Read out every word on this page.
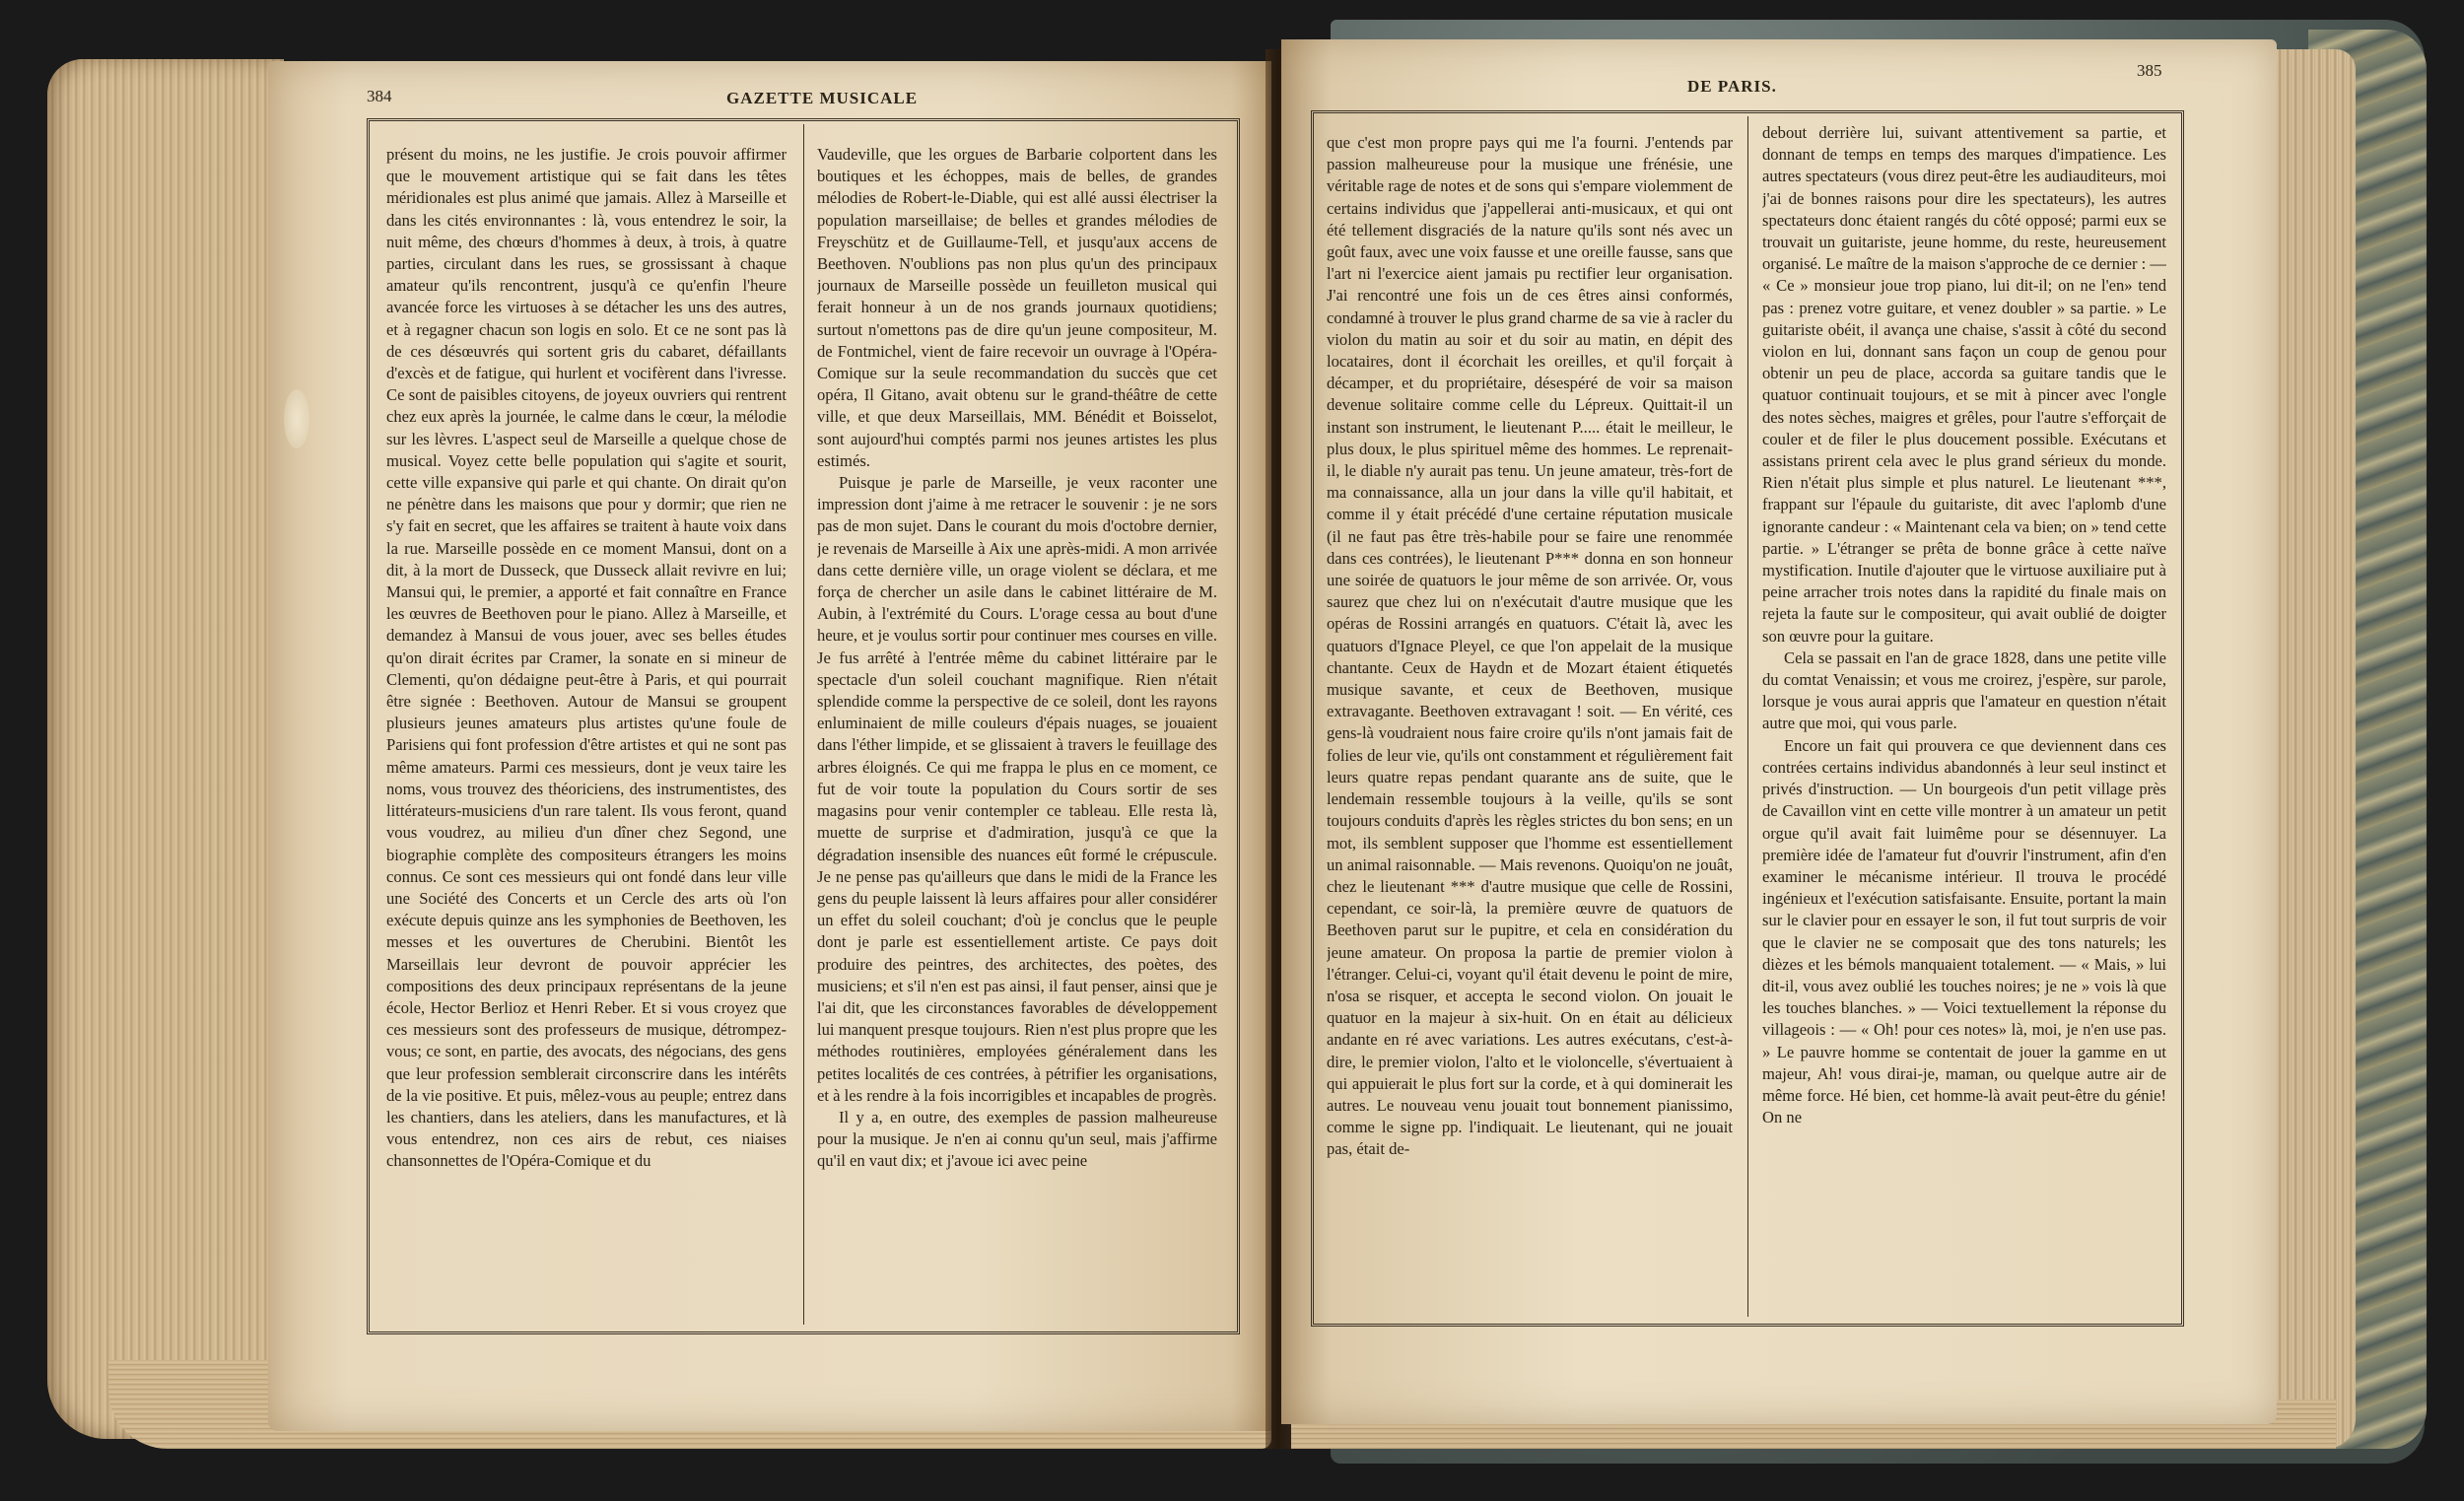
384	GAZETTE MUSICALE

présent du moins, ne les justifie. Je crois pouvoir affirmer que le mouvement artistique qui se fait dans les têtes méridionales est plus animé que jamais. Allez à Marseille et dans les cités environnantes : là, vous entendrez le soir, la nuit même, des chœurs d'hommes à deux, à trois, à quatre parties, circulant dans les rues, se grossissant à chaque amateur qu'ils rencontrent, jusqu'à ce qu'enfin l'heure avancée force les virtuoses à se détacher les uns des autres, et à regagner chacun son logis en solo. Et ce ne sont pas là de ces désœuvrés qui sortent gris du cabaret, défaillants d'excès et de fatigue, qui hurlent et vocifèrent dans l'ivresse. Ce sont de paisibles citoyens, de joyeux ouvriers qui rentrent chez eux après la journée, le calme dans le cœur, la mélodie sur les lèvres. L'aspect seul de Marseille a quelque chose de musical. Voyez cette belle population qui s'agite et sourit, cette ville expansive qui parle et qui chante. On dirait qu'on ne pénètre dans les maisons que pour y dormir; que rien ne s'y fait en secret, que les affaires se traitent à haute voix dans la rue. Marseille possède en ce moment Mansui, dont on a dit, à la mort de Dusseck, que Dusseck allait revivre en lui; Mansui qui, le premier, a apporté et fait connaître en France les œuvres de Beethoven pour le piano. Allez à Marseille, et demandez à Mansui de vous jouer, avec ses belles études qu'on dirait écrites par Cramer, la sonate en si mineur de Clementi, qu'on dédaigne peut-être à Paris, et qui pourrait être signée : Beethoven. Autour de Mansui se groupent plusieurs jeunes amateurs plus artistes qu'une foule de Parisiens qui font profession d'être artistes et qui ne sont pas même amateurs. Parmi ces messieurs, dont je veux taire les noms, vous trouvez des théoriciens, des instrumentistes, des littérateurs-musiciens d'un rare talent. Ils vous feront, quand vous voudrez, au milieu d'un dîner chez Segond, une biographie complète des compositeurs étrangers les moins connus. Ce sont ces messieurs qui ont fondé dans leur ville une Société des Concerts et un Cercle des arts où l'on exécute depuis quinze ans les symphonies de Beethoven, les messes et les ouvertures de Cherubini. Bientôt les Marseillais leur devront de pouvoir apprécier les compositions des deux principaux représentans de la jeune école, Hector Berlioz et Henri Reber. Et si vous croyez que ces messieurs sont des professeurs de musique, détrompez-vous; ce sont, en partie, des avocats, des négocians, des gens que leur profession semblerait circonscrire dans les intérêts de la vie positive. Et puis, mêlez-vous au peuple; entrez dans les chantiers, dans les ateliers, dans les manufactures, et là vous entendrez, non ces airs de rebut, ces niaises chansonnettes de l'Opéra-Comique et du

Vaudeville, que les orgues de Barbarie colportent dans les boutiques et les échoppes, mais de belles, de grandes mélodies de Robert-le-Diable, qui est allé aussi électriser la population marseillaise; de belles et grandes mélodies de Freyschütz et de Guillaume-Tell, et jusqu'aux accens de Beethoven. N'oublions pas non plus qu'un des principaux journaux de Marseille possède un feuilleton musical qui ferait honneur à un de nos grands journaux quotidiens; surtout n'omettons pas de dire qu'un jeune compositeur, M. de Fontmichel, vient de faire recevoir un ouvrage à l'Opéra-Comique sur la seule recommandation du succès que cet opéra, Il Gitano, avait obtenu sur le grand-théâtre de cette ville, et que deux Marseillais, MM. Bénédit et Boisselot, sont aujourd'hui comptés parmi nos jeunes artistes les plus estimés.

Puisque je parle de Marseille, je veux raconter une impression dont j'aime à me retracer le souvenir : je ne sors pas de mon sujet. Dans le courant du mois d'octobre dernier, je revenais de Marseille à Aix une après-midi. A mon arrivée dans cette dernière ville, un orage violent se déclara, et me força de chercher un asile dans le cabinet littéraire de M. Aubin, à l'extrémité du Cours. L'orage cessa au bout d'une heure, et je voulus sortir pour continuer mes courses en ville. Je fus arrêté à l'entrée même du cabinet littéraire par le spectacle d'un soleil couchant magnifique. Rien n'était splendide comme la perspective de ce soleil, dont les rayons enluminaient de mille couleurs d'épais nuages, se jouaient dans l'éther limpide, et se glissaient à travers le feuillage des arbres éloignés. Ce qui me frappa le plus en ce moment, ce fut de voir toute la population du Cours sortir de ses magasins pour venir contempler ce tableau. Elle resta là, muette de surprise et d'admiration, jusqu'à ce que la dégradation insensible des nuances eût formé le crépuscule. Je ne pense pas qu'ailleurs que dans le midi de la France les gens du peuple laissent là leurs affaires pour aller considérer un effet du soleil couchant; d'où je conclus que le peuple dont je parle est essentiellement artiste. Ce pays doit produire des peintres, des architectes, des poètes, des musiciens; et s'il n'en est pas ainsi, il faut penser, ainsi que je l'ai dit, que les circonstances favorables de développement lui manquent presque toujours. Rien n'est plus propre que les méthodes routinières, employées généralement dans les petites localités de ces contrées, à pétrifier les organisations, et à les rendre à la fois incorrigibles et incapables de progrès.

Il y a, en outre, des exemples de passion malheureuse pour la musique. Je n'en ai connu qu'un seul, mais j'affirme qu'il en vaut dix; et j'avoue ici avec peine

DE PARIS.
385

que c'est mon propre pays qui me l'a fourni. J'entends par passion malheureuse pour la musique une frénésie, une véritable rage de notes et de sons qui s'empare violemment de certains individus que j'appellerai anti-musicaux, et qui ont été tellement disgraciés de la nature qu'ils sont nés avec un goût faux, avec une voix fausse et une oreille fausse, sans que l'art ni l'exercice aient jamais pu rectifier leur organisation. J'ai rencontré une fois un de ces êtres ainsi conformés, condamné à trouver le plus grand charme de sa vie à racler du violon du matin au soir et du soir au matin, en dépit des locataires, dont il écorchait les oreilles, et qu'il forçait à décamper, et du propriétaire, désespéré de voir sa maison devenue solitaire comme celle du Lépreux. Quittait-il un instant son instrument, le lieutenant P..... était le meilleur, le plus doux, le plus spirituel même des hommes. Le reprenait-il, le diable n'y aurait pas tenu. Un jeune amateur, très-fort de ma connaissance, alla un jour dans la ville qu'il habitait, et comme il y était précédé d'une certaine réputation musicale (il ne faut pas être très-habile pour se faire une renommée dans ces contrées), le lieutenant P*** donna en son honneur une soirée de quatuors le jour même de son arrivée. Or, vous saurez que chez lui on n'exécutait d'autre musique que les opéras de Rossini arrangés en quatuors. C'était là, avec les quatuors d'Ignace Pleyel, ce que l'on appelait de la musique chantante. Ceux de Haydn et de Mozart étaient étiquetés musique savante, et ceux de Beethoven, musique extravagante. Beethoven extravagant ! soit. — En vérité, ces gens-là voudraient nous faire croire qu'ils n'ont jamais fait de folies de leur vie, qu'ils ont constamment et régulièrement fait leurs quatre repas pendant quarante ans de suite, que le lendemain ressemble toujours à la veille, qu'ils se sont toujours conduits d'après les règles strictes du bon sens; en un mot, ils semblent supposer que l'homme est essentiellement un animal raisonnable. — Mais revenons. Quoiqu'on ne jouât, chez le lieutenant *** d'autre musique que celle de Rossini, cependant, ce soir-là, la première œuvre de quatuors de Beethoven parut sur le pupitre, et cela en considération du jeune amateur. On proposa la partie de premier violon à l'étranger. Celui-ci, voyant qu'il était devenu le point de mire, n'osa se risquer, et accepta le second violon. On jouait le quatuor en la majeur à six-huit. On en était au délicieux andante en ré avec variations. Les autres exécutans, c'est-à-dire, le premier violon, l'alto et le violoncelle, s'évertuaient à qui appuierait le plus fort sur la corde, et à qui dominerait les autres. Le nouveau venu jouait tout bonnement pianissimo, comme le signe pp. l'indiquait. Le lieutenant, qui ne jouait pas, était de-

debout derrière lui, suivant attentivement sa partie, et donnant de temps en temps des marques d'impatience. Les autres spectateurs (vous direz peut-être les audiauditeurs, moi j'ai de bonnes raisons pour dire les spectateurs), les autres spectateurs donc étaient rangés du côté opposé; parmi eux se trouvait un guitariste, jeune homme, du reste, heureusement organisé. Le maître de la maison s'approche de ce dernier : — « Ce » monsieur joue trop piano, lui dit-il; on ne l'en» tend pas : prenez votre guitare, et venez doubler » sa partie. » Le guitariste obéit, il avança une chaise, s'assit à côté du second violon en lui, donnant sans façon un coup de genou pour obtenir un peu de place, accorda sa guitare tandis que le quatuor continuait toujours, et se mit à pincer avec l'ongle des notes sèches, maigres et grêles, pour l'autre s'efforçait de couler et de filer le plus doucement possible. Exécutans et assistans prirent cela avec le plus grand sérieux du monde. Rien n'était plus simple et plus naturel. Le lieutenant ***, frappant sur l'épaule du guitariste, dit avec l'aplomb d'une ignorante candeur : « Maintenant cela va bien; on » tend cette partie. » L'étranger se prêta de bonne grâce à cette naïve mystification. Inutile d'ajouter que le virtuose auxiliaire put à peine arracher trois notes dans la rapidité du finale mais on rejeta la faute sur le compositeur, qui avait oublié de doigter son œuvre pour la guitare.

Cela se passait en l'an de grace 1828, dans une petite ville du comtat Venaissin; et vous me croirez, j'espère, sur parole, lorsque je vous aurai appris que l'amateur en question n'était autre que moi, qui vous parle.

Encore un fait qui prouvera ce que deviennent dans ces contrées certains individus abandonnés à leur seul instinct et privés d'instruction. — Un bourgeois d'un petit village près de Cavaillon vint en cette ville montrer à un amateur un petit orgue qu'il avait fait luimême pour se désennuyer. La première idée de l'amateur fut d'ouvrir l'instrument, afin d'en examiner le mécanisme intérieur. Il trouva le procédé ingénieux et l'exécution satisfaisante. Ensuite, portant la main sur le clavier pour en essayer le son, il fut tout surpris de voir que le clavier ne se composait que des tons naturels; les dièzes et les bémols manquaient totalement. — « Mais, » lui dit-il, vous avez oublié les touches noires; je ne » vois là que les touches blanches. » — Voici textuellement la réponse du villageois : — « Oh! pour ces notes» là, moi, je n'en use pas. » Le pauvre homme se contentait de jouer la gamme en ut majeur, Ah! vous dirai-je, maman, ou quelque autre air de même force. Hé bien, cet homme-là avait peut-être du génie! On ne
